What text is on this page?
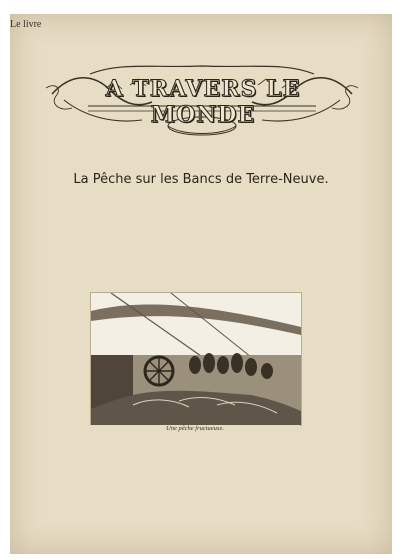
Le livre
A TRAVERS LE MONDE
La Pêche sur les Bancs de Terre-Neuve.
Une pêche fructueuse.
